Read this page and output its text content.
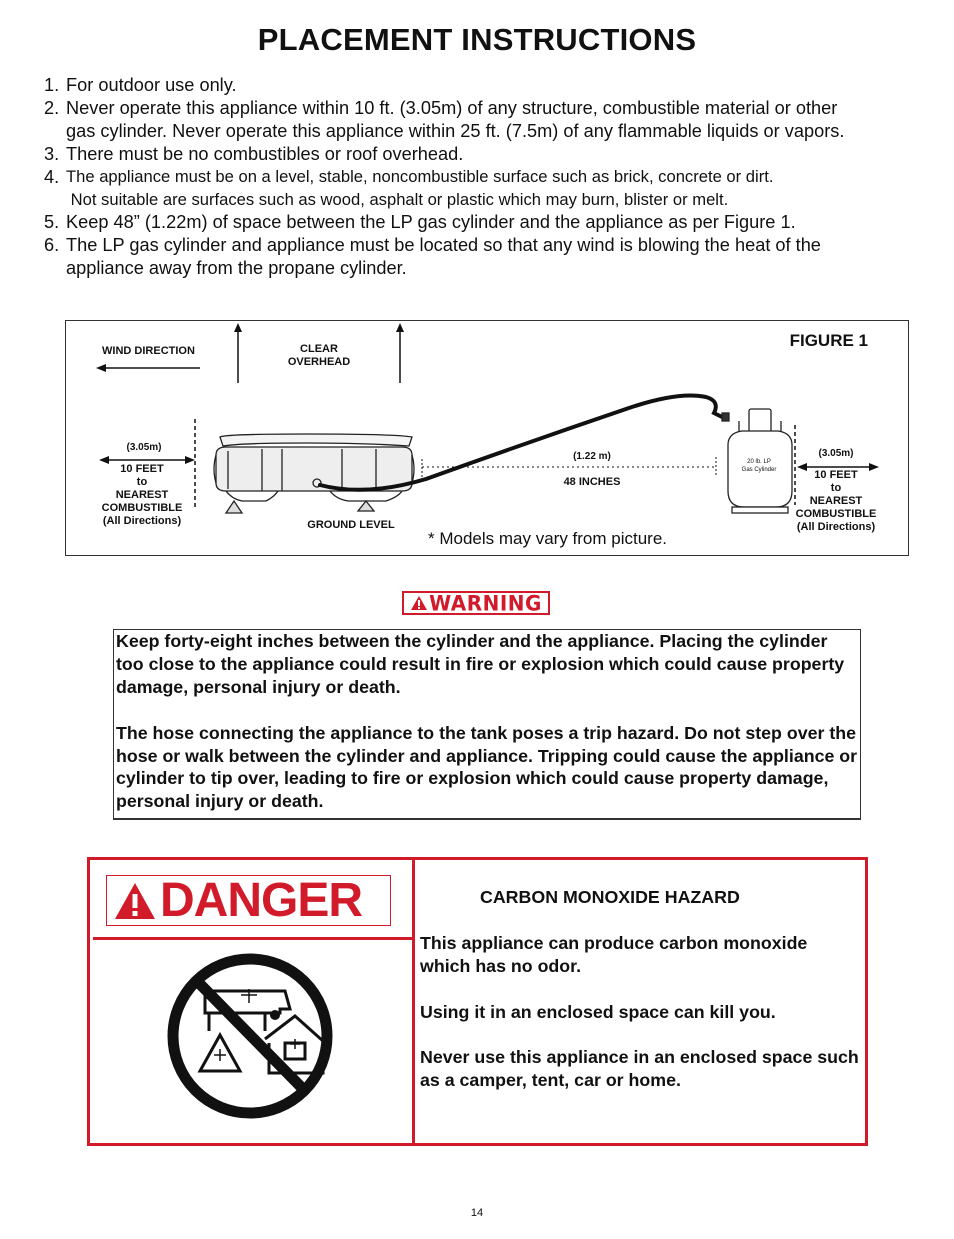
PLACEMENT INSTRUCTIONS
1. For outdoor use only.
2. Never operate this appliance within 10 ft. (3.05m) of any structure, combustible material or other
gas cylinder. Never operate this appliance within 25 ft. (7.5m) of any flammable liquids or vapors.
3. There must be no combustibles or roof overhead.
4. The appliance must be on a level, stable, noncombustible surface such as brick, concrete or dirt.
Not suitable are surfaces such as wood, asphalt or plastic which may burn, blister or melt.
5. Keep 48” (1.22m) of space between the LP gas cylinder and the appliance as per Figure 1.
6. The LP gas cylinder and appliance must be located so that any wind is blowing the heat of the
appliance away from the propane cylinder.
WIND DIRECTION	CLEAR
OVERHEAD
FIGURE 1
(3.05m)
10 FEET
to
NEAREST
COMBUSTIBLE
(All Directions)	GROUND LEVEL
(1.22 m)
48 INCHES
20 lb. LP
Gas Cylinder
(3.05m)
10 FEET
to
NEAREST
COMBUSTIBLE
(All Directions)
* Models may vary from picture.
WARNING

Keep forty-eight inches between the cylinder and the appliance. Placing the cylinder too close to the appliance could result in fire or explosion which could cause property damage, personal injury or death.

The hose connecting the appliance to the tank poses a trip hazard. Do not step over the hose or walk between the cylinder and appliance. Tripping could cause the appliance or cylinder to tip over, leading to fire or explosion which could cause property damage, personal injury or death.

DANGER	CARBON MONOXIDE HAZARD

This appliance can produce carbon monoxide which has no odor.

Using it in an enclosed space can kill you.

Never use this appliance in an enclosed space such as a camper, tent, car or home.

14
